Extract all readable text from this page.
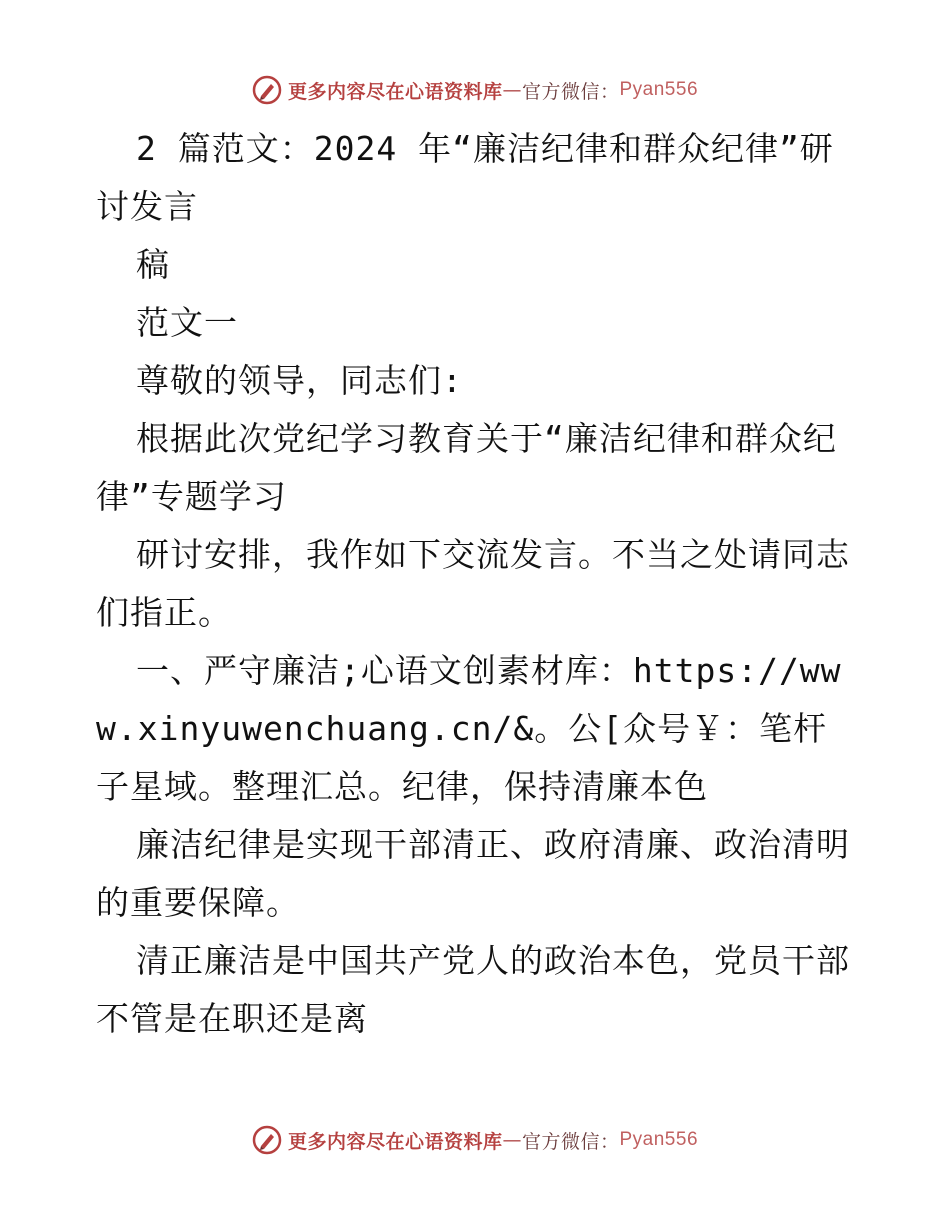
更多内容尽在心语资料库 — 官方微信： Pyan556

2 篇范文：2024 年“廉洁纪律和群众纪律”研讨发言

稿

范文一

尊敬的领导，同志们:

根据此次党纪学习教育关于“廉洁纪律和群众纪律”专题学习

研讨安排，我作如下交流发言。不当之处请同志们指正。

一、严守廉洁;心语文创素材库：https://www.xinyuwenchuang.cn/&。公[众号￥：笔杆子星域。整理汇总。纪律，保持清廉本色

廉洁纪律是实现干部清正、政府清廉、政治清明的重要保障。

清正廉洁是中国共产党人的政治本色，党员干部不管是在职还是离

更多内容尽在心语资料库 — 官方微信： Pyan556
